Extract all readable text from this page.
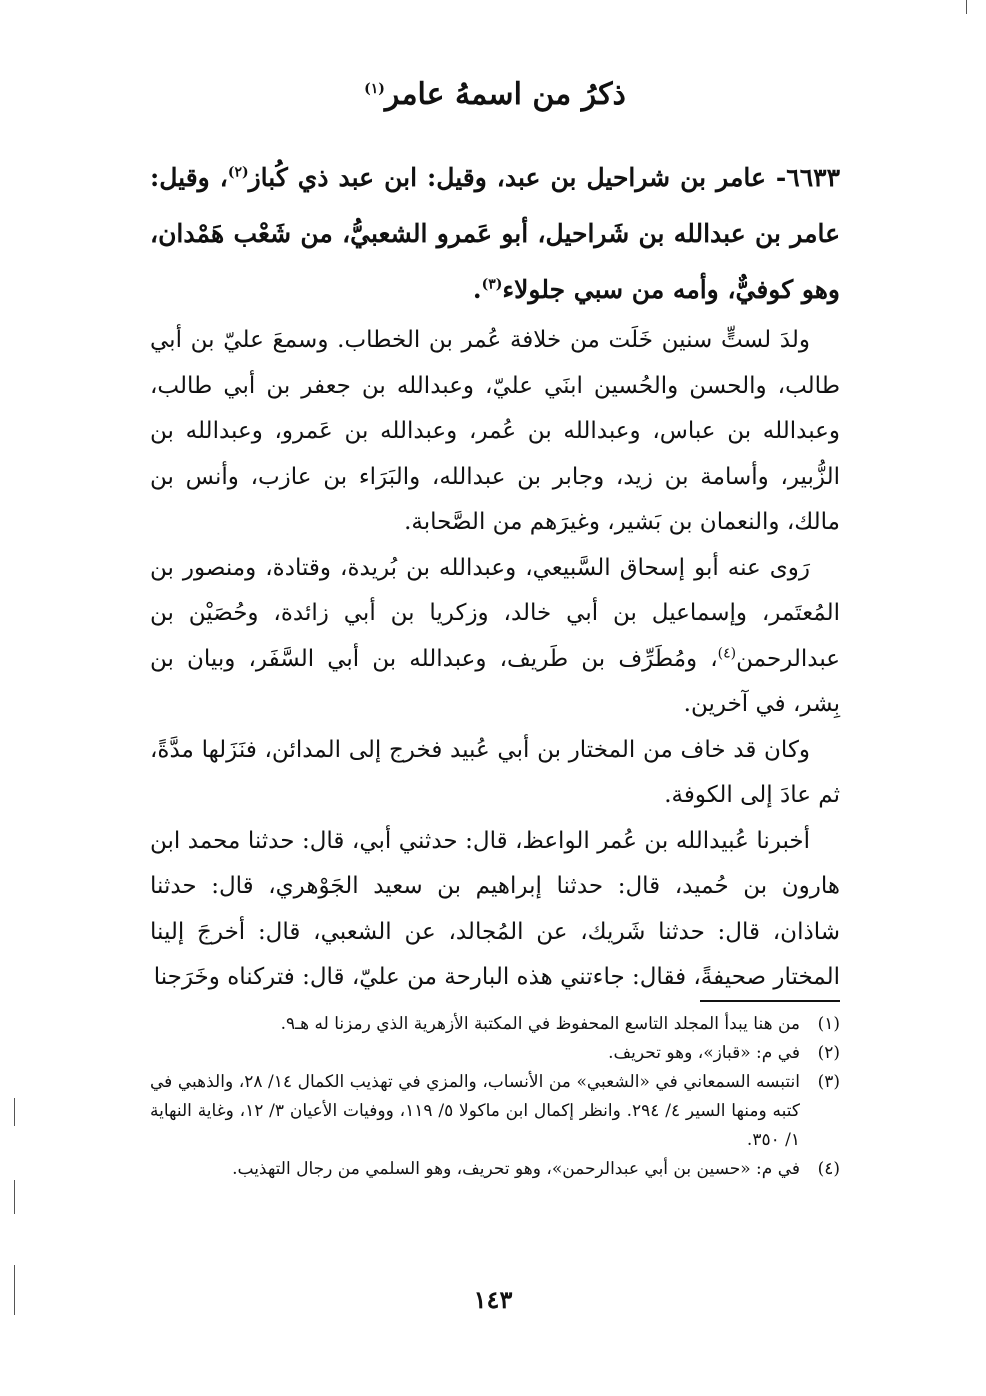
ذكرُ من اسمهُ عامر$^{(١)}$
٦٦٣٣- عامر بن شراحيل بن عبد، وقيل: ابن عبد ذي كُباز$^{(٢)}$، وقيل: عامر بن عبدالله بن شَراحيل، أبو عَمرو الشعبيُّ، من شَعْب هَمْدان، وهو كوفيٌّ، وأمه من سبي جلولاء$^{(٣)}$.

ولدَ لستٍّ سنين خَلَت من خلافة عُمر بن الخطاب. وسمعَ عليّ بن أبي طالب، والحسن والحُسين ابنَي عليّ، وعبدالله بن جعفر بن أبي طالب، وعبدالله بن عباس، وعبدالله بن عُمر، وعبدالله بن عَمرو، وعبدالله بن الزُّبير، وأسامة بن زيد، وجابر بن عبدالله، والبَرَاء بن عازب، وأنس بن مالك، والنعمان بن بَشير، وغيرَهم من الصَّحابة.

رَوى عنه أبو إسحاق السَّبيعي، وعبدالله بن بُريدة، وقتادة، ومنصور بن المُعتَمر، وإسماعيل بن أبي خالد، وزكريا بن أبي زائدة، وحُصَيْن بن عبدالرحمن$^{(٤)}$، ومُطَرِّف بن طَريف، وعبدالله بن أبي السَّفَر، وبيان بن بِشر، في آخرين.

وكان قد خاف من المختار بن أبي عُبيد فخرج إلى المدائن، فنَزَلها مدَّةً، ثم عادَ إلى الكوفة.

أخبرنا عُبيدالله بن عُمر الواعظ، قال: حدثني أبي، قال: حدثنا محمد ابن هارون بن حُميد، قال: حدثنا إبراهيم بن سعيد الجَوْهري، قال: حدثنا شاذان، قال: حدثنا شَريك، عن المُجالد، عن الشعبي، قال: أخرجَ إلينا المختار صحيفةً، فقال: جاءتني هذه البارحة من عليّ، قال: فتركناه وخَرَجنا

(١)
من هنا يبدأ المجلد التاسع المحفوظ في المكتبة الأزهرية الذي رمزنا له هـ٩.
(٢)
في م: «قباز»، وهو تحريف.
(٣)
انتبسه السمعاني في «الشعبي» من الأنساب، والمزي في تهذيب الكمال ١٤/ ٢٨، والذهبي في كتبه ومنها السير ٤/ ٢٩٤. وانظر إكمال ابن ماكولا ٥/ ١١٩، ووفيات الأعيان ٣/ ١٢، وغاية النهاية ١/ ٣٥٠.
(٤)
في م: «حسين بن أبي عبدالرحمن»، وهو تحريف، وهو السلمي من رجال التهذيب.
١٤٣
